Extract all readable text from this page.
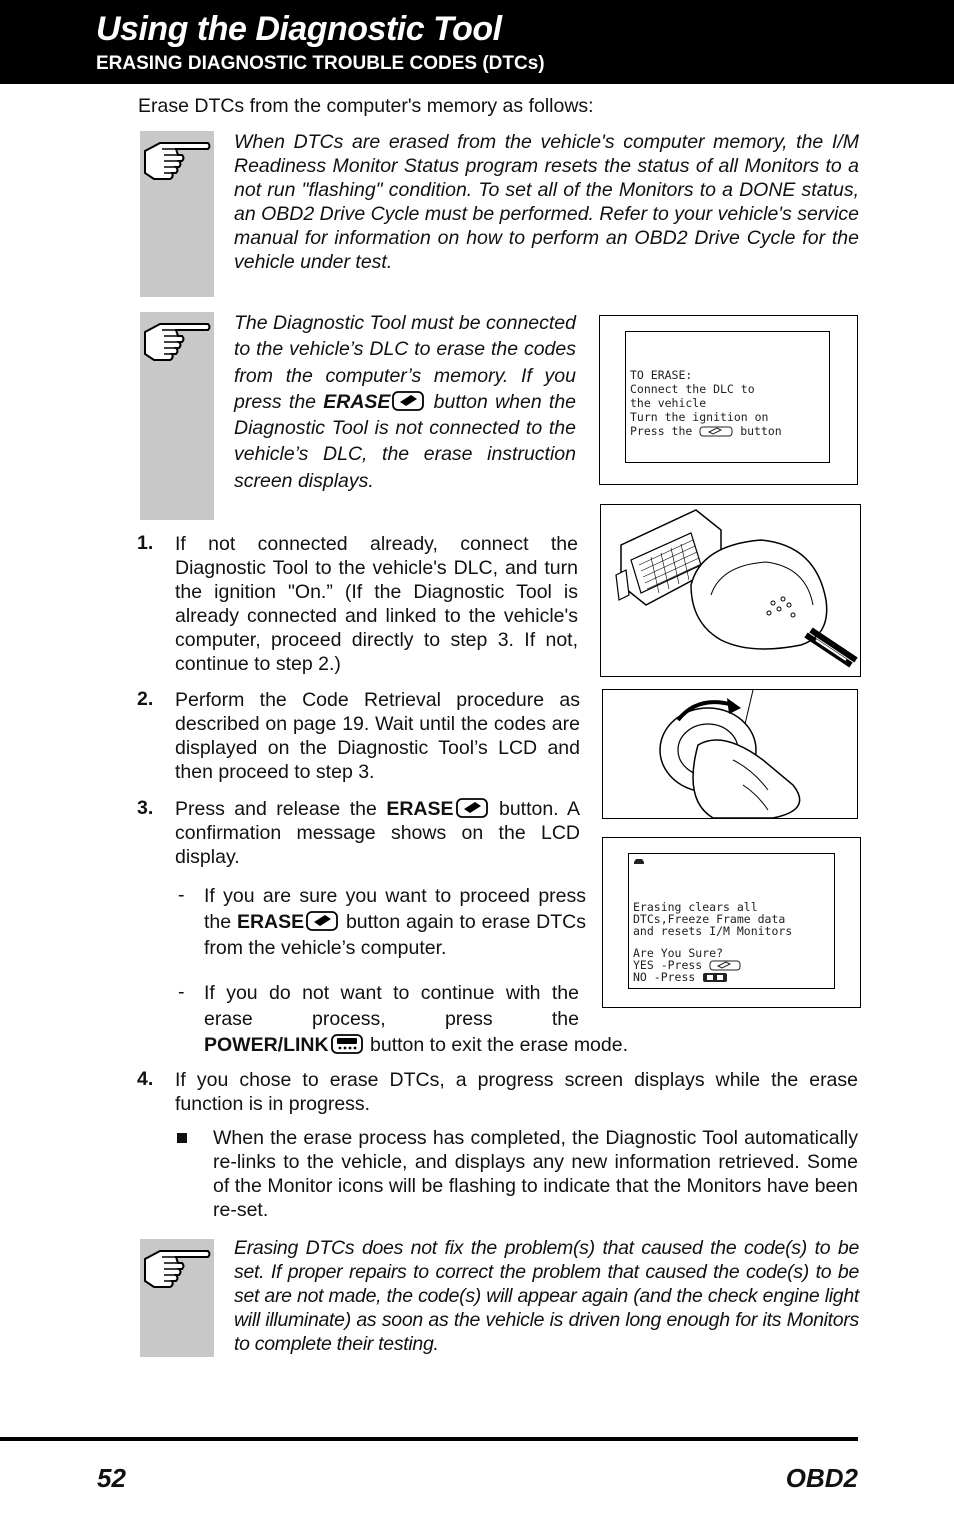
Using the Diagnostic Tool
ERASING DIAGNOSTIC TROUBLE CODES (DTCs)
Erase DTCs from the computer's memory as follows:
When DTCs are erased from the vehicle's computer memory, the I/M Readiness Monitor Status program resets the status of all Monitors to a not run "flashing" condition. To set all of the Monitors to a DONE status, an OBD2 Drive Cycle must be performed. Refer to your vehicle's service manual for information on how to perform an OBD2 Drive Cycle for the vehicle under test.
The Diagnostic Tool must be connected to the vehicle’s DLC to erase the codes from the computer’s memory. If you press the ERASE button when the Diagnostic Tool is not connected to the vehicle’s DLC, the erase instruction screen displays.
TO ERASE:
Connect the DLC to
the vehicle
Turn the ignition on
Press the	button
Erasing clears all
DTCs,Freeze Frame data
and resets I/M Monitors
Are You Sure?
YES -Press
NO -Press
1. If not connected already, connect the Diagnostic Tool to the vehicle's DLC, and turn the ignition "On.” (If the Diagnostic Tool is already connected and linked to the vehicle's computer, proceed directly to step 3. If not, continue to step 2.)
2. Perform the Code Retrieval procedure as described on page 19. Wait until the codes are displayed on the Diagnostic Tool’s LCD and then proceed to step 3.
3. Press and release the ERASE button. A confirmation message shows on the LCD display.
- If you are sure you want to proceed press the ERASE button again to erase DTCs from the vehicle’s computer.
- If you do not want to continue with the erase process, press the
POWER/LINK button to exit the erase mode.
4. If you chose to erase DTCs, a progress screen displays while the erase function is in progress.
When the erase process has completed, the Diagnostic Tool automatically re-links to the vehicle, and displays any new information retrieved. Some of the Monitor icons will be flashing to indicate that the Monitors have been re-set.
Erasing DTCs does not fix the problem(s) that caused the code(s) to be set. If proper repairs to correct the problem that caused the code(s) to be set are not made, the code(s) will appear again (and the check engine light will illuminate) as soon as the vehicle is driven long enough for its Monitors to complete their testing.
52	OBD2
